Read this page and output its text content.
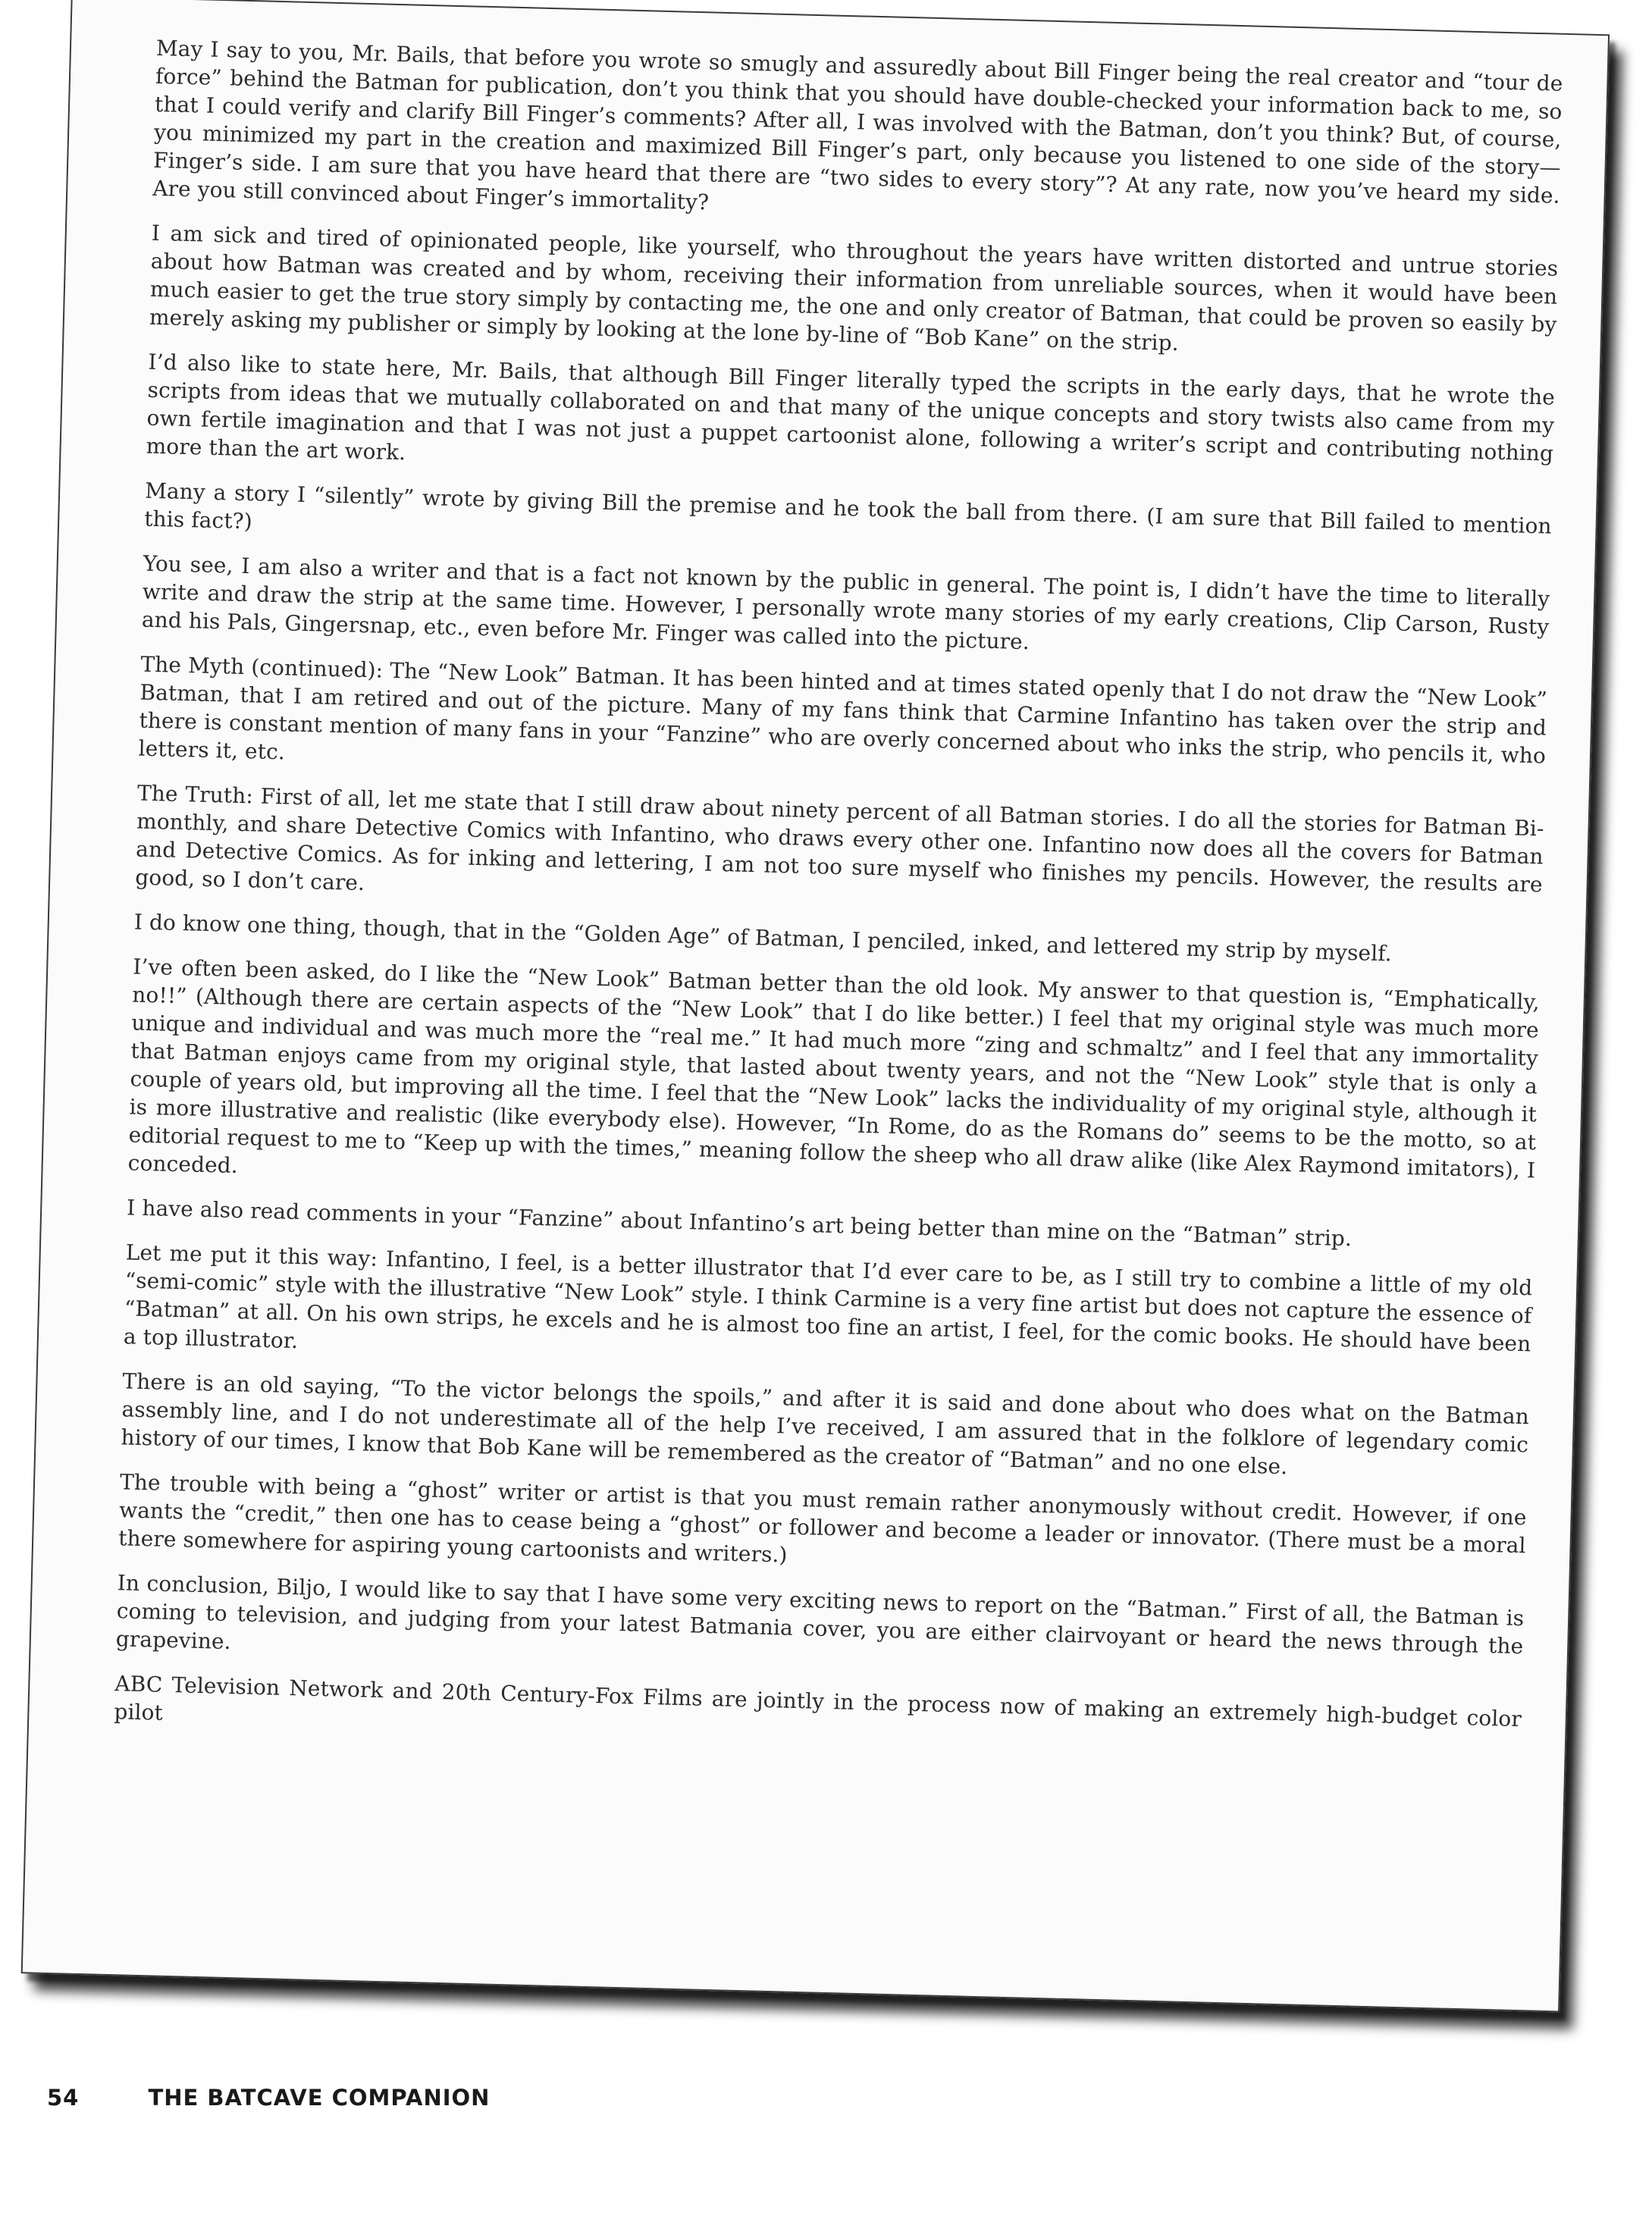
May I say to you, Mr. Bails, that before you wrote so smugly and assuredly about Bill Finger being the real creator and “tour de force” behind the Batman for publication, don’t you think that you should have double-checked your information back to me, so that I could verify and clarify Bill Finger’s comments? After all, I was involved with the Batman, don’t you think? But, of course, you minimized my part in the creation and maximized Bill Finger’s part, only because you listened to one side of the story—Finger’s side. I am sure that you have heard that there are “two sides to every story”? At any rate, now you’ve heard my side. Are you still convinced about Finger’s immortality?

I am sick and tired of opinionated people, like yourself, who throughout the years have written distorted and untrue stories about how Batman was created and by whom, receiving their information from unreliable sources, when it would have been much easier to get the true story simply by contacting me, the one and only creator of Batman, that could be proven so easily by merely asking my publisher or simply by looking at the lone by-line of “Bob Kane” on the strip.

I’d also like to state here, Mr. Bails, that although Bill Finger literally typed the scripts in the early days, that he wrote the scripts from ideas that we mutually collaborated on and that many of the unique concepts and story twists also came from my own fertile imagination and that I was not just a puppet cartoonist alone, following a writer’s script and contributing nothing more than the art work.

Many a story I “silently” wrote by giving Bill the premise and he took the ball from there. (I am sure that Bill failed to mention this fact?)

You see, I am also a writer and that is a fact not known by the public in general. The point is, I didn’t have the time to literally write and draw the strip at the same time. However, I personally wrote many stories of my early creations, Clip Carson, Rusty and his Pals, Gingersnap, etc., even before Mr. Finger was called into the picture.

The Myth (continued): The “New Look” Batman. It has been hinted and at times stated openly that I do not draw the “New Look” Batman, that I am retired and out of the picture. Many of my fans think that Carmine Infantino has taken over the strip and there is constant mention of many fans in your “Fanzine” who are overly concerned about who inks the strip, who pencils it, who letters it, etc.

The Truth: First of all, let me state that I still draw about ninety percent of all Batman stories. I do all the stories for Batman Bi-monthly, and share Detective Comics with Infantino, who draws every other one. Infantino now does all the covers for Batman and Detective Comics. As for inking and lettering, I am not too sure myself who finishes my pencils. However, the results are good, so I don’t care.

I do know one thing, though, that in the “Golden Age” of Batman, I penciled, inked, and lettered my strip by myself.

I’ve often been asked, do I like the “New Look” Batman better than the old look. My answer to that question is, “Emphatically, no!!” (Although there are certain aspects of the “New Look” that I do like better.) I feel that my original style was much more unique and individual and was much more the “real me.” It had much more “zing and schmaltz” and I feel that any immortality that Batman enjoys came from my original style, that lasted about twenty years, and not the “New Look” style that is only a couple of years old, but improving all the time. I feel that the “New Look” lacks the individuality of my original style, although it is more illustrative and realistic (like everybody else). However, “In Rome, do as the Romans do” seems to be the motto, so at editorial request to me to “Keep up with the times,” meaning follow the sheep who all draw alike (like Alex Raymond imitators), I conceded.

I have also read comments in your “Fanzine” about Infantino’s art being better than mine on the “Batman” strip.

Let me put it this way: Infantino, I feel, is a better illustrator that I’d ever care to be, as I still try to combine a little of my old “semi-comic” style with the illustrative “New Look” style. I think Carmine is a very fine artist but does not capture the essence of “Batman” at all. On his own strips, he excels and he is almost too fine an artist, I feel, for the comic books. He should have been a top illustrator.

There is an old saying, “To the victor belongs the spoils,” and after it is said and done about who does what on the Batman assembly line, and I do not underestimate all of the help I’ve received, I am assured that in the folklore of legendary comic history of our times, I know that Bob Kane will be remembered as the creator of “Batman” and no one else.

The trouble with being a “ghost” writer or artist is that you must remain rather anonymously without credit. However, if one wants the “credit,” then one has to cease being a “ghost” or follower and become a leader or innovator. (There must be a moral there somewhere for aspiring young cartoonists and writers.)

In conclusion, Biljo, I would like to say that I have some very exciting news to report on the “Batman.” First of all, the Batman is coming to television, and judging from your latest Batmania cover, you are either clairvoyant or heard the news through the grapevine.

ABC Television Network and 20th Century-Fox Films are jointly in the process now of making an extremely high-budget color pilot

54	THE BATCAVE COMPANION
